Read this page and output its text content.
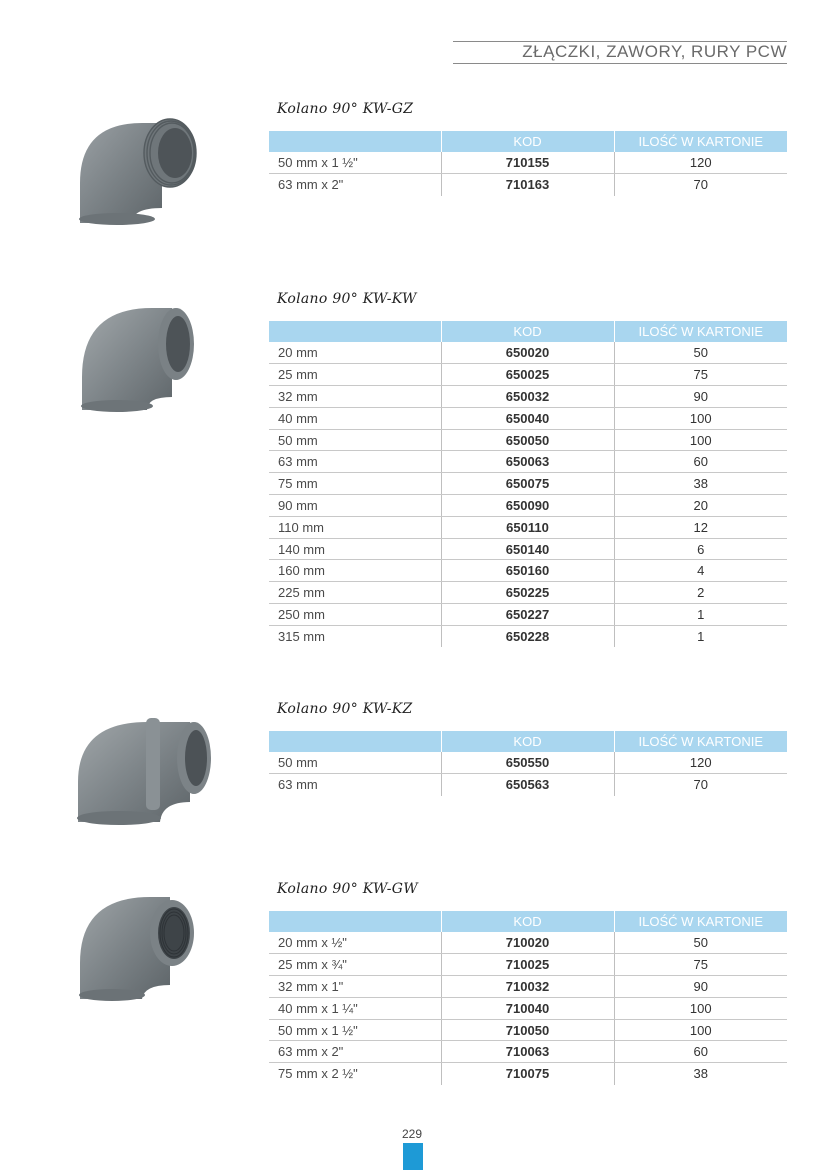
ZŁĄCZKI, ZAWORY, RURY PCW
Kolano 90° KW-GZ
	KOD	ILOŚĆ W KARTONIE
50 mm x 1 ½"	710155	120
63 mm x 2"	710163	70
Kolano 90° KW-KW
	KOD	ILOŚĆ W KARTONIE
20 mm	650020	50
25 mm	650025	75
32 mm	650032	90
40 mm	650040	100
50 mm	650050	100
63 mm	650063	60
75 mm	650075	38
90 mm	650090	20
110 mm	650110	12
140 mm	650140	6
160 mm	650160	4
225 mm	650225	2
250 mm	650227	1
315 mm	650228	1
Kolano 90° KW-KZ
	KOD	ILOŚĆ W KARTONIE
50 mm	650550	120
63 mm	650563	70
Kolano 90° KW-GW
	KOD	ILOŚĆ W KARTONIE
20 mm x ½"	710020	50
25 mm x ¾"	710025	75
32 mm x 1"	710032	90
40 mm x 1 ¼"	710040	100
50 mm x 1 ½"	710050	100
63 mm x 2"	710063	60
75 mm x 2 ½"	710075	38
229
